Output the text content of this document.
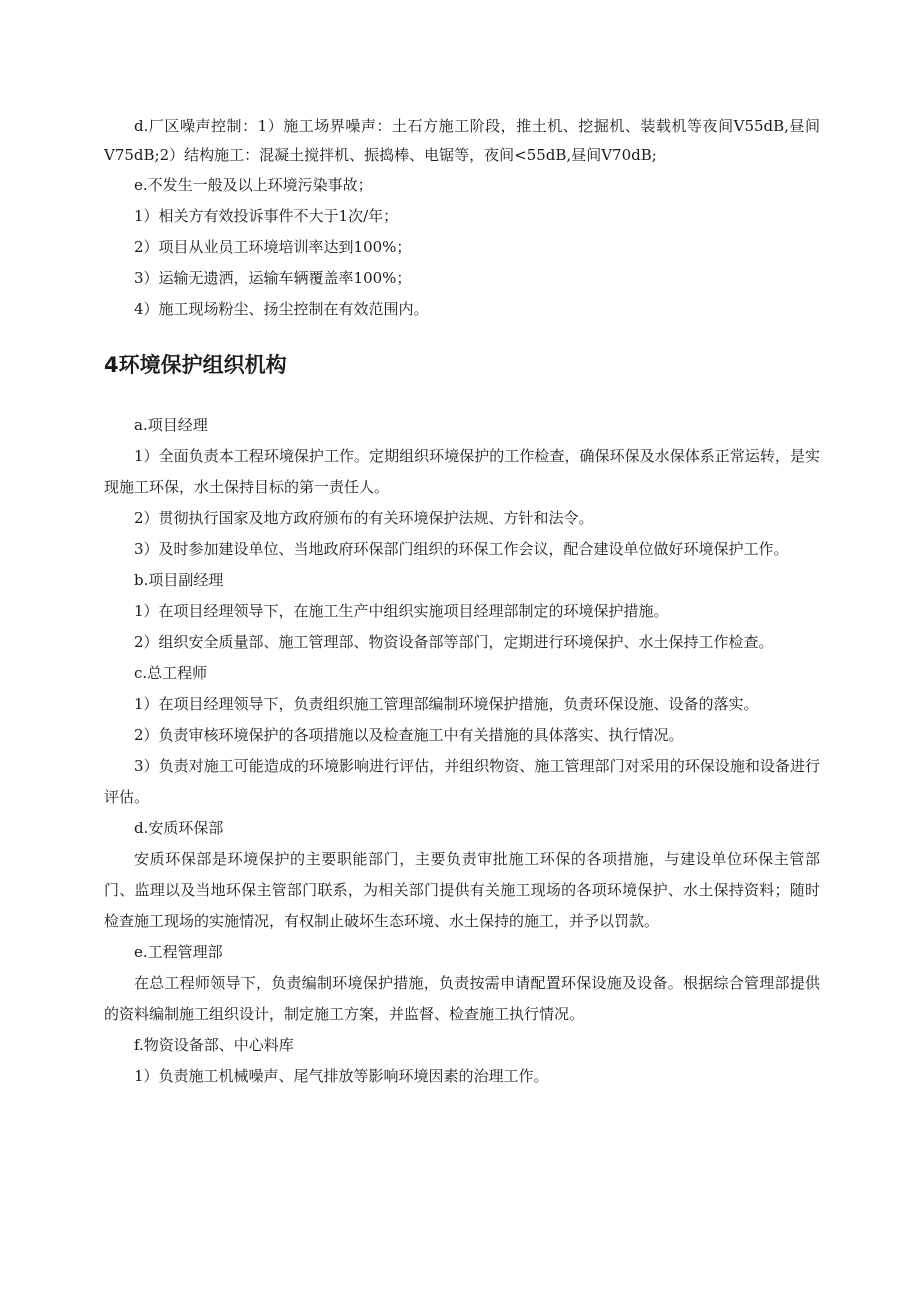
d.厂区噪声控制：1）施工场界噪声：土石方施工阶段，推土机、挖掘机、装载机等夜间V55dB,昼间V75dB;2）结构施工：混凝土搅拌机、振捣棒、电锯等，夜间<55dB,昼间V70dB;

e.不发生一般及以上环境污染事故；

1）相关方有效投诉事件不大于1次/年；

2）项目从业员工环境培训率达到100%；

3）运输无遗洒，运输车辆覆盖率100%；

4）施工现场粉尘、扬尘控制在有效范围内。

4环境保护组织机构

a.项目经理

1）全面负责本工程环境保护工作。定期组织环境保护的工作检查，确保环保及水保体系正常运转，是实现施工环保，水土保持目标的第一责任人。

2）贯彻执行国家及地方政府颁布的有关环境保护法规、方针和法令。

3）及时参加建设单位、当地政府环保部门组织的环保工作会议，配合建设单位做好环境保护工作。

b.项目副经理

1）在项目经理领导下，在施工生产中组织实施项目经理部制定的环境保护措施。

2）组织安全质量部、施工管理部、物资设备部等部门，定期进行环境保护、水土保持工作检查。

c.总工程师

1）在项目经理领导下，负责组织施工管理部编制环境保护措施，负责环保设施、设备的落实。

2）负责审核环境保护的各项措施以及检查施工中有关措施的具体落实、执行情况。

3）负责对施工可能造成的环境影响进行评估，并组织物资、施工管理部门对采用的环保设施和设备进行评估。

d.安质环保部

安质环保部是环境保护的主要职能部门，主要负责审批施工环保的各项措施，与建设单位环保主管部门、监理以及当地环保主管部门联系，为相关部门提供有关施工现场的各项环境保护、水土保持资料；随时检查施工现场的实施情况，有权制止破坏生态环境、水土保持的施工，并予以罚款。

e.工程管理部

在总工程师领导下，负责编制环境保护措施，负责按需申请配置环保设施及设备。根据综合管理部提供的资料编制施工组织设计，制定施工方案，并监督、检查施工执行情况。

f.物资设备部、中心料库

1）负责施工机械噪声、尾气排放等影响环境因素的治理工作。
